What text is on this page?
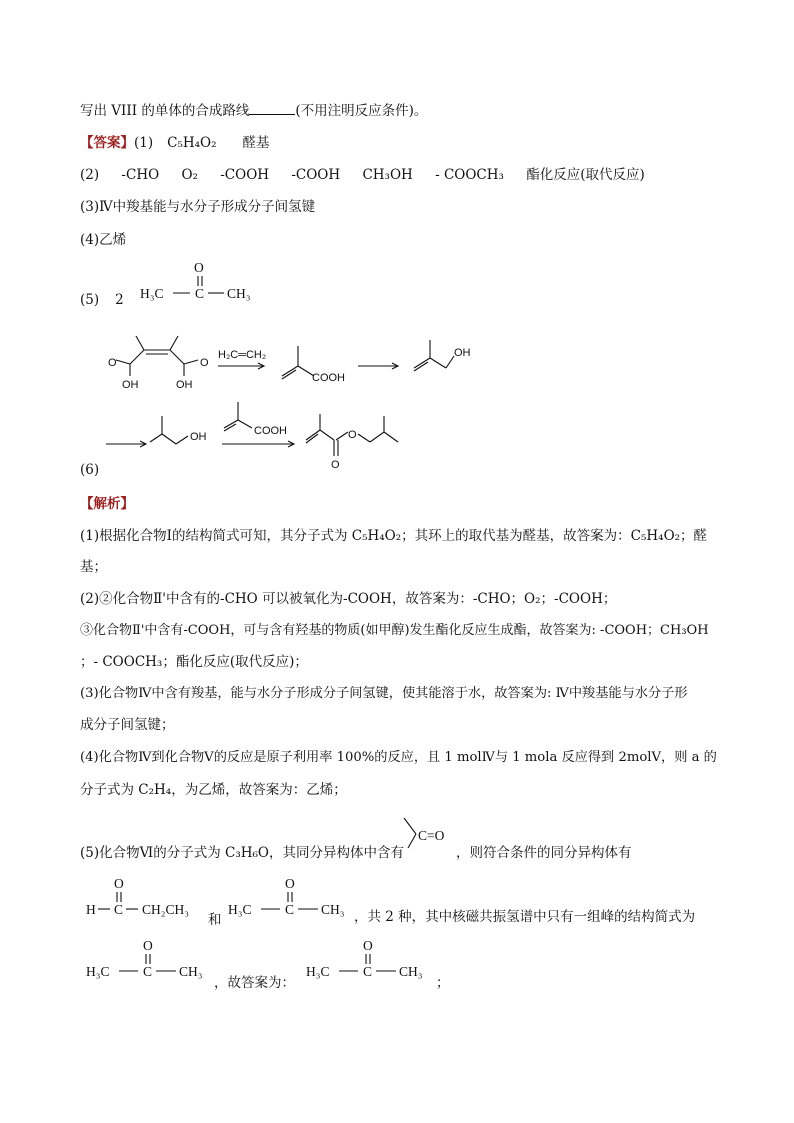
写出 VIII 的单体的合成路线	(不用注明反应条件)。
【答案】(1) C₅H₄O₂ 醛基
(2) -CHO O₂ -COOH -COOH CH₃OH - COOCH₃ 酯化反应(取代反应)
(3)Ⅳ中羧基能与水分子形成分子间氢键
(4)乙烯
(5) 2 H₃C C
O
CH₃
O
OH
O
OH
H₂C═CH₂
COOH
OH
OH	COOH
O
O
(6)
【解析】
(1)根据化合物Ⅰ的结构简式可知，其分子式为 C₅H₄O₂；其环上的取代基为醛基，故答案为：C₅H₄O₂；醛
基；
(2)②化合物Ⅱ'中含有的-CHO 可以被氧化为-COOH，故答案为：-CHO；O₂；-COOH；
③化合物Ⅱ'中含有-COOH，可与含有羟基的物质(如甲醇)发生酯化反应生成酯，故答案为: -COOH；CH₃OH
；- COOCH₃；酯化反应(取代反应)；
(3)化合物Ⅳ中含有羧基，能与水分子形成分子间氢键，使其能溶于水，故答案为: Ⅳ中羧基能与水分子形
成分子间氢键；
(4)化合物Ⅳ到化合物Ⅴ的反应是原子利用率 100%的反应，且 1 molⅣ与 1 mola 反应得到 2molⅤ，则 a 的
分子式为 C₂H₄，为乙烯，故答案为：乙烯；
(5)化合物Ⅵ的分子式为 C₃H₆O，其同分异构体中含有
C=O
，则符合条件的同分异构体有
H C
O
CH₂CH₃
和
H₃C C
O
CH₃ ，共 2 种，其中核磁共振氢谱中只有一组峰的结构简式为
H₃C C
O
CH₃
，故答案为：
H₃C C
O
CH₃
；
